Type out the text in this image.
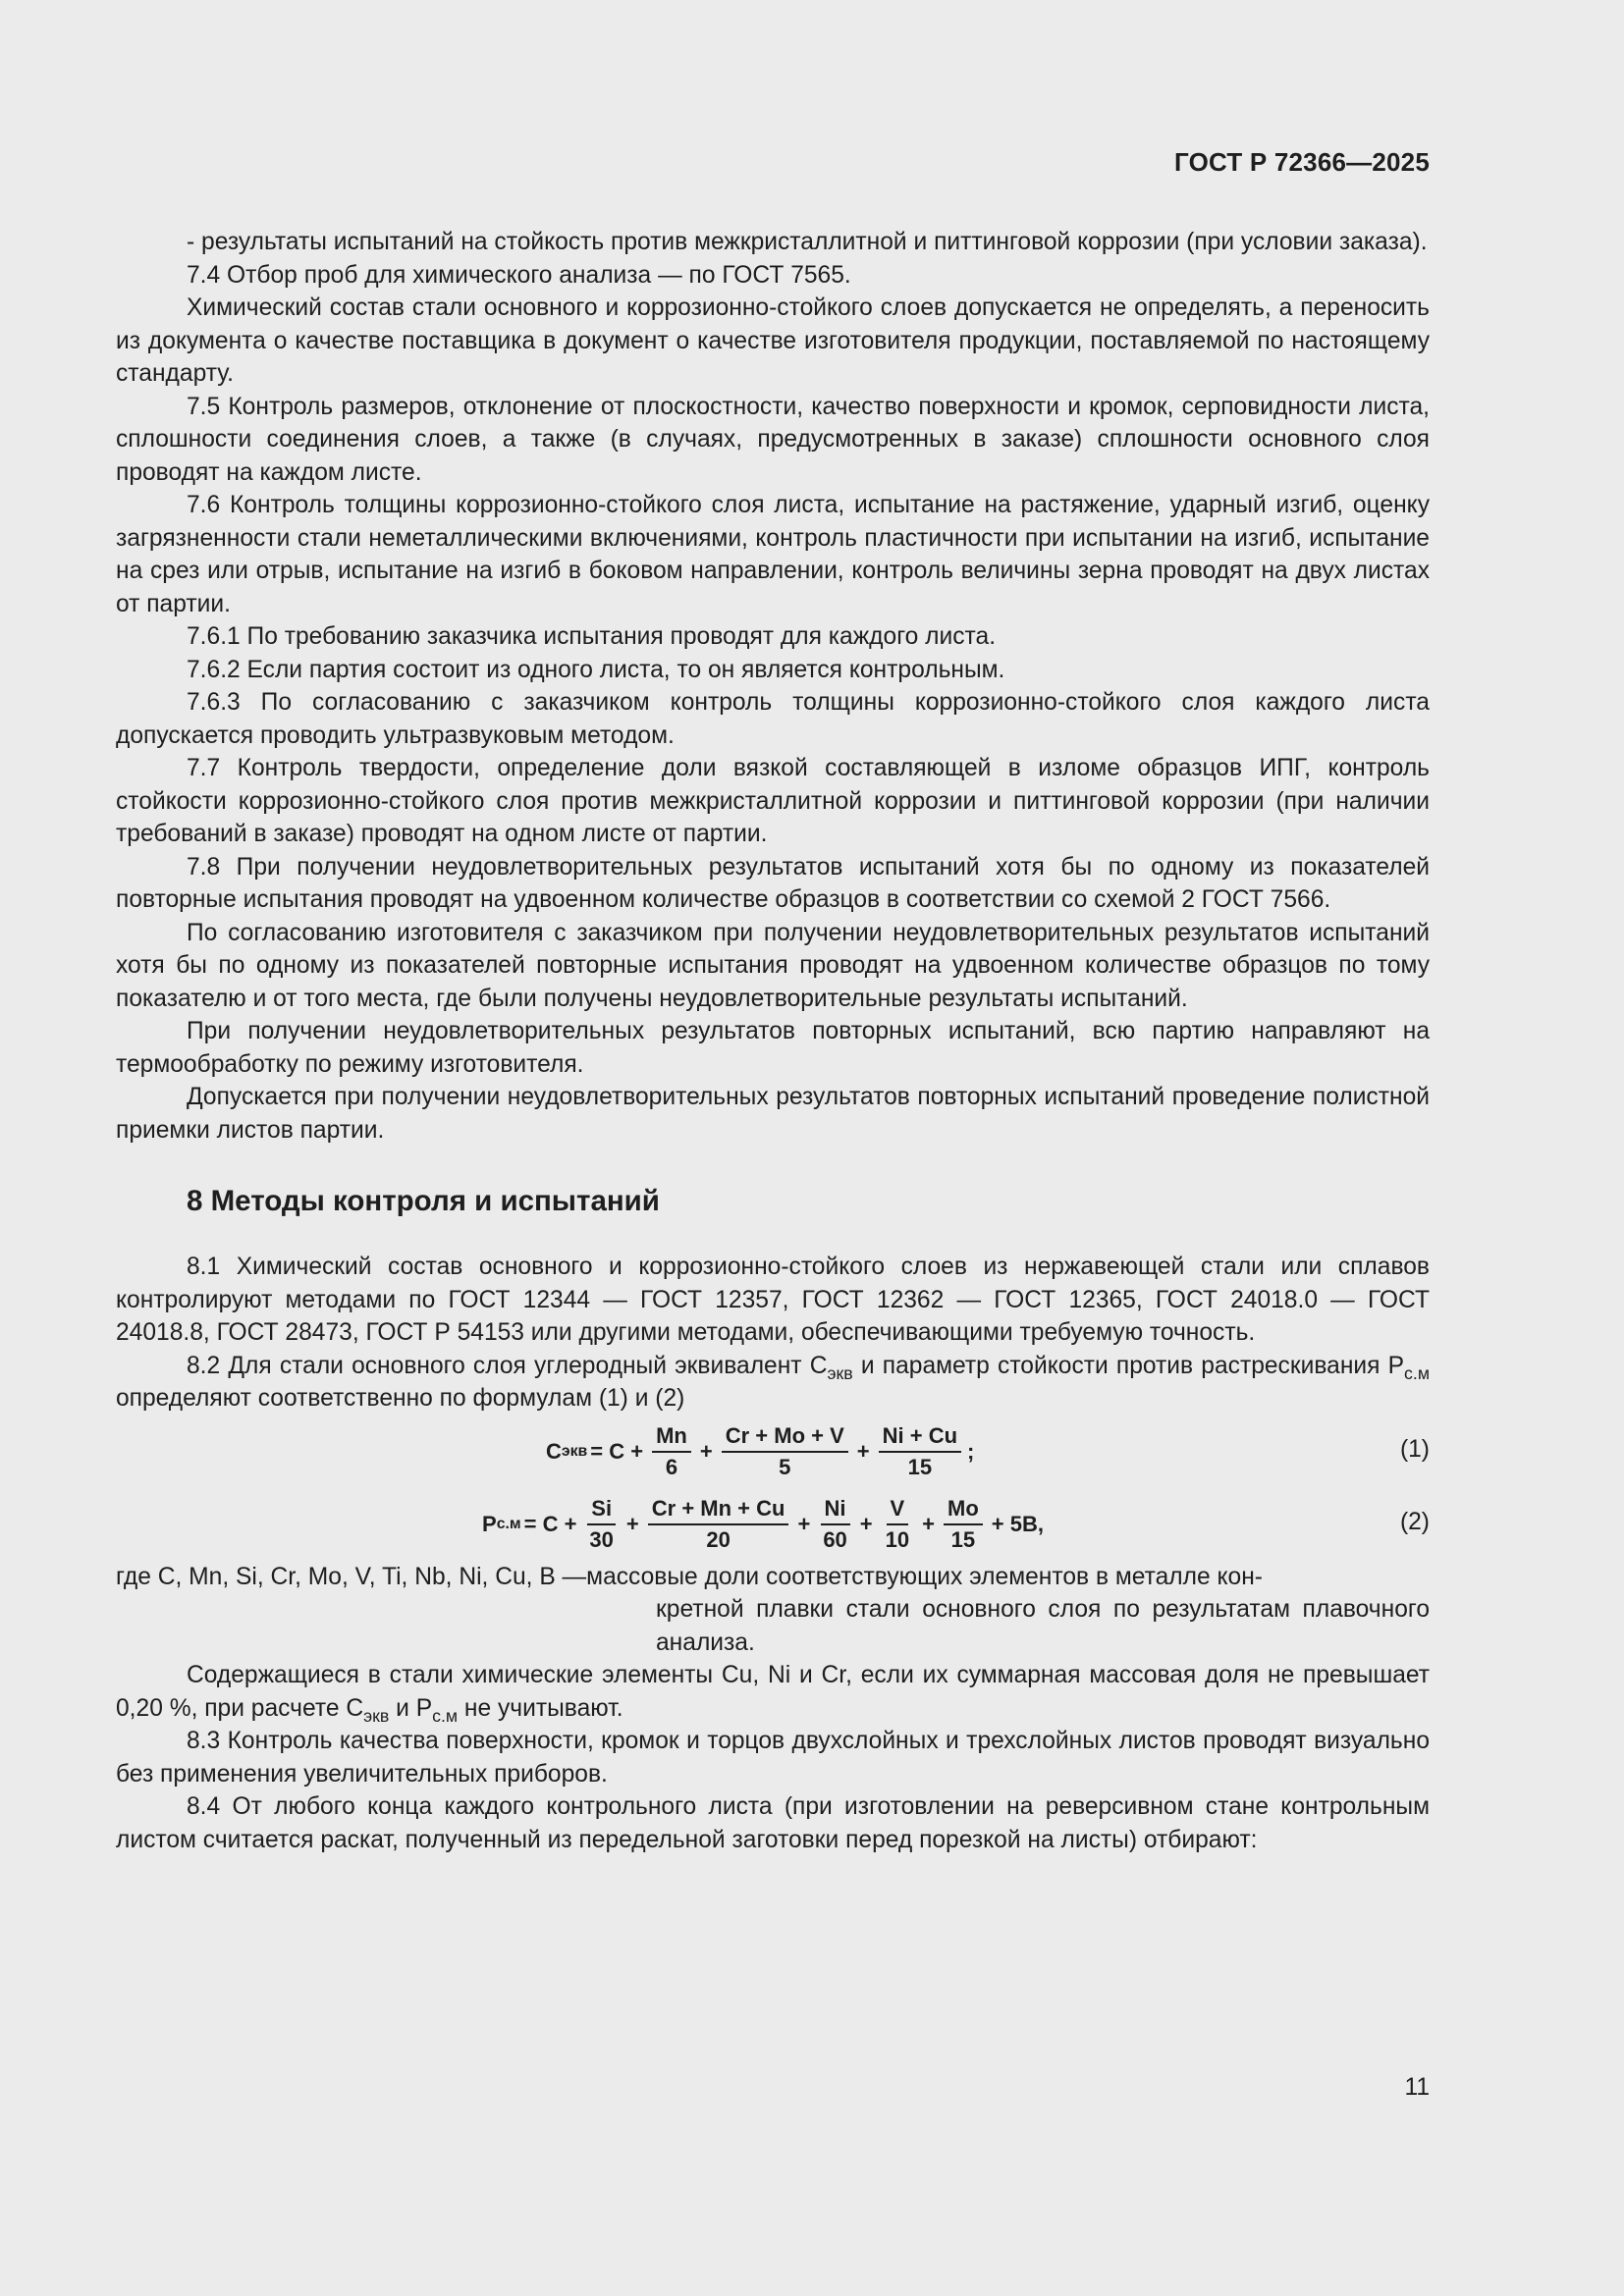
ГОСТ Р 72366—2025

- результаты испытаний на стойкость против межкристаллитной и питтинговой коррозии (при условии заказа).

7.4 Отбор проб для химического анализа — по ГОСТ 7565.

Химический состав стали основного и коррозионно-стойкого слоев допускается не определять, а переносить из документа о качестве поставщика в документ о качестве изготовителя продукции, поставляемой по настоящему стандарту.

7.5 Контроль размеров, отклонение от плоскостности, качество поверхности и кромок, серповидности листа, сплошности соединения слоев, а также (в случаях, предусмотренных в заказе) сплошности основного слоя проводят на каждом листе.

7.6 Контроль толщины коррозионно-стойкого слоя листа, испытание на растяжение, ударный изгиб, оценку загрязненности стали неметаллическими включениями, контроль пластичности при испытании на изгиб, испытание на срез или отрыв, испытание на изгиб в боковом направлении, контроль величины зерна проводят на двух листах от партии.

7.6.1 По требованию заказчика испытания проводят для каждого листа.

7.6.2 Если партия состоит из одного листа, то он является контрольным.

7.6.3 По согласованию с заказчиком контроль толщины коррозионно-стойкого слоя каждого листа допускается проводить ультразвуковым методом.

7.7 Контроль твердости, определение доли вязкой составляющей в изломе образцов ИПГ, контроль стойкости коррозионно-стойкого слоя против межкристаллитной коррозии и питтинговой коррозии (при наличии требований в заказе) проводят на одном листе от партии.

7.8 При получении неудовлетворительных результатов испытаний хотя бы по одному из показателей повторные испытания проводят на удвоенном количестве образцов в соответствии со схемой 2 ГОСТ 7566.

По согласованию изготовителя с заказчиком при получении неудовлетворительных результатов испытаний хотя бы по одному из показателей повторные испытания проводят на удвоенном количестве образцов по тому показателю и от того места, где были получены неудовлетворительные результаты испытаний.

При получении неудовлетворительных результатов повторных испытаний, всю партию направляют на термообработку по режиму изготовителя.

Допускается при получении неудовлетворительных результатов повторных испытаний проведение полистной приемки листов партии.

8 Методы контроля и испытаний

8.1 Химический состав основного и коррозионно-стойкого слоев из нержавеющей стали или сплавов контролируют методами по ГОСТ 12344 — ГОСТ 12357, ГОСТ 12362 — ГОСТ 12365, ГОСТ 24018.0 — ГОСТ 24018.8, ГОСТ 28473, ГОСТ Р 54153 или другими методами, обеспечивающими требуемую точность.

8.2 Для стали основного слоя углеродный эквивалент $С_{экв}$ и параметр стойкости против растрескивания $Р_{с.м}$ определяют соответственно по формулам (1) и (2)

C экв = $C + \frac{Mn}{6} + \frac{Cr + Mo + V}{5} + \frac{Ni + Cu}{15}$ ;	(1)
P $с.м = C + \frac{Si}{30} + \frac{Cr + Mn + Cu}{20} + \frac{Ni}{60} + \frac{V}{10} + \frac{Mo}{15} + 5B$,	(2)
где C, Mn, Si, Cr, Mo, V, Ti, Nb, Ni, Cu, B — массовые доли соответствующих элементов в металле кон-
кретной плавки стали основного слоя по результатам плавочного анализа.

Содержащиеся в стали химические элементы Cu, Ni и Cr, если их суммарная массовая доля не превышает 0,20 %, при расчете $С_{экв}$ и $Р_{с.м}$ не учитывают.

8.3 Контроль качества поверхности, кромок и торцов двухслойных и трехслойных листов проводят визуально без применения увеличительных приборов.

8.4 От любого конца каждого контрольного листа (при изготовлении на реверсивном стане контрольным листом считается раскат, полученный из передельной заготовки перед порезкой на листы) отбирают:

11
